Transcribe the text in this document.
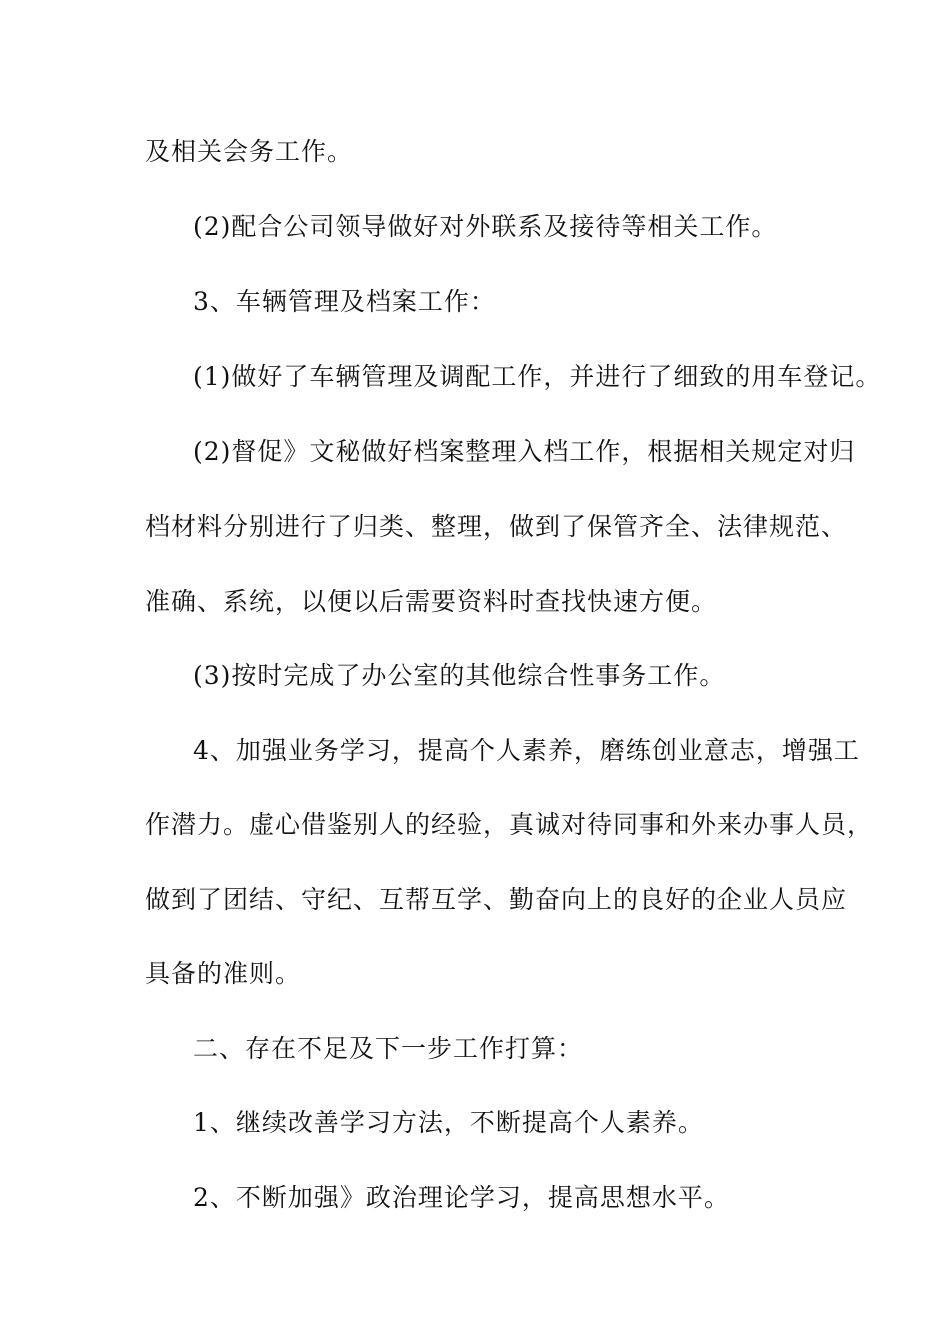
及相关会务工作。
(2)配合公司领导做好对外联系及接待等相关工作。
3、车辆管理及档案工作：
(1)做好了车辆管理及调配工作，并进行了细致的用车登记。
(2)督促》文秘做好档案整理入档工作，根据相关规定对归
档材料分别进行了归类、整理，做到了保管齐全、法律规范、
准确、系统，以便以后需要资料时查找快速方便。
(3)按时完成了办公室的其他综合性事务工作。
4、加强业务学习，提高个人素养，磨练创业意志，增强工
作潜力。虚心借鉴别人的经验，真诚对待同事和外来办事人员，
做到了团结、守纪、互帮互学、勤奋向上的良好的企业人员应
具备的准则。
二、存在不足及下一步工作打算：
1、继续改善学习方法，不断提高个人素养。
2、不断加强》政治理论学习，提高思想水平。
